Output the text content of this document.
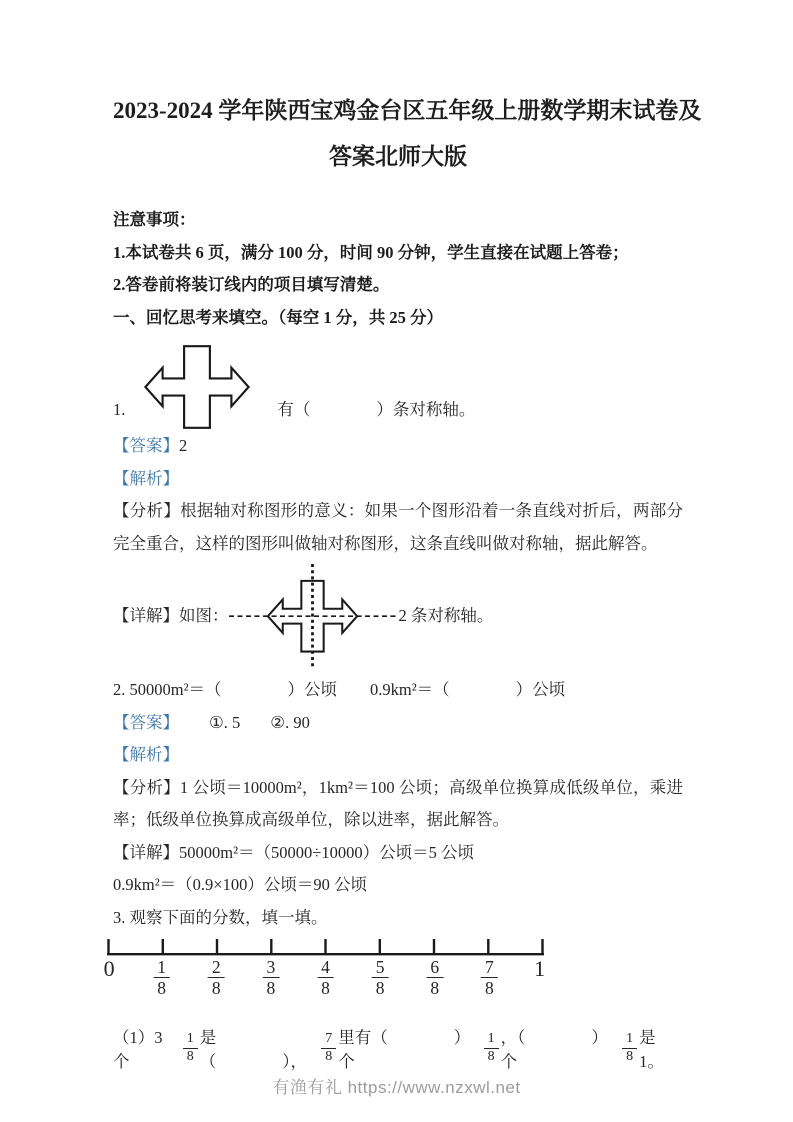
2023-2024 学年陕西宝鸡金台区五年级上册数学期末试卷及
答案北师大版

注意事项：

1.本试卷共 6 页，满分 100 分，时间 90 分钟，学生直接在试题上答卷；

2.答卷前将装订线内的项目填写清楚。

一、回忆思考来填空。（每空 1 分，共 25 分）

1.	有（　　　　）条对称轴。

【答案】2

【解析】

【分析】根据轴对称图形的意义：如果一个图形沿着一条直线对折后，两部分完全重合，这样的图形叫做轴对称图形，这条直线叫做对称轴，据此解答。

【详解】如图：	2 条对称轴。

2. 50000m²＝（　　　　）公顷　　0.9km²＝（　　　　）公顷

【答案】 ①. 5 ②. 90

【解析】

【分析】1 公顷＝10000m²，1km²＝100 公顷；高级单位换算成低级单位，乘进率；低级单位换算成高级单位，除以进率，据此解答。

【详解】50000m²＝（50000÷10000）公顷＝5 公顷

0.9km²＝（0.9×100）公顷＝90 公顷

3. 观察下面的分数，填一填。

$0 \frac{1}{8} \frac{2}{8} \frac{3}{8} \frac{4}{8} \frac{5}{8} \frac{6}{8} \frac{7}{8} 1$
（1）3 个	$\frac{1}{8}$ 是（　　　　），	$\frac{7}{8}$ 里有（　　　　）个	$\frac{1}{8}$ ，（　　　　）个	$\frac{1}{8}$ 是 1。
有渔有礼 https://www.nzxwl.net
